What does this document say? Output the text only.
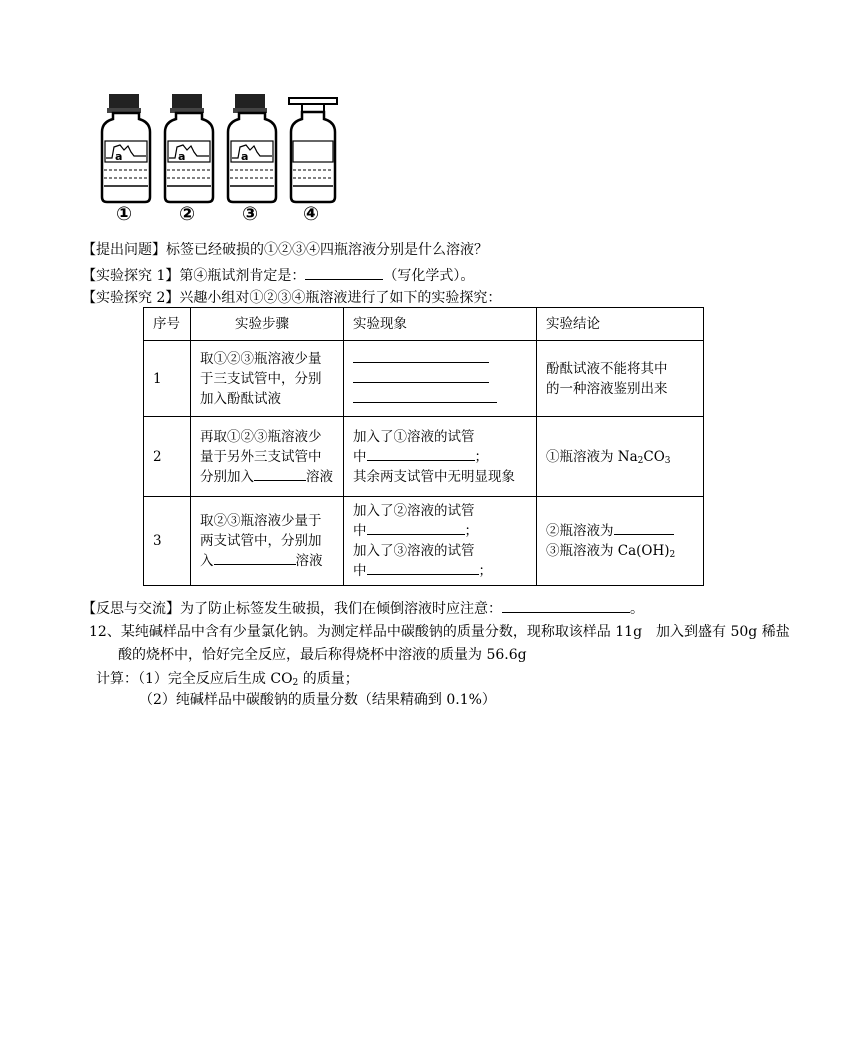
a
①
a
②
a
③ ④
【提出问题】标签已经破损的①②③④四瓶溶液分别是什么溶液？
【实验探究 1】第④瓶试剂肯定是：	（写化学式）。
【实验探究 2】兴趣小组对①②③④瓶溶液进行了如下的实验探究：
序号	实验步骤	实验现象	实验结论
1	取①②③瓶溶液少量
于三支试管中，分别
加入酚酞试液		酚酞试液不能将其中
的一种溶液鉴别出来

2	再取①②③瓶溶液少
量于另外三支试管中
分别加入 溶液	加入了①溶液的试管
中 ；
其余两支试管中无明显现象	①瓶溶液为 $Na_2CO_3$

3	取②③瓶溶液少量于
两支试管中，分别加
入 溶液	加入了②溶液的试管
中 ；
加入了③溶液的试管
中 ；	②瓶溶液为
③瓶溶液为 $Ca(OH)_2$
【反思与交流】为了防止标签发生破损，我们在倾倒溶液时应注意：	。
12、某纯碱样品中含有少量氯化钠。为测定样品中碳酸钠的质量分数，现称取该样品 11g　加入到盛有 50g 稀盐
酸的烧杯中，恰好完全反应，最后称得烧杯中溶液的质量为 56.6g
计算：（1）完全反应后生成 $CO_2$ 的质量；
（2）纯碱样品中碳酸钠的质量分数（结果精确到 0.1%）
